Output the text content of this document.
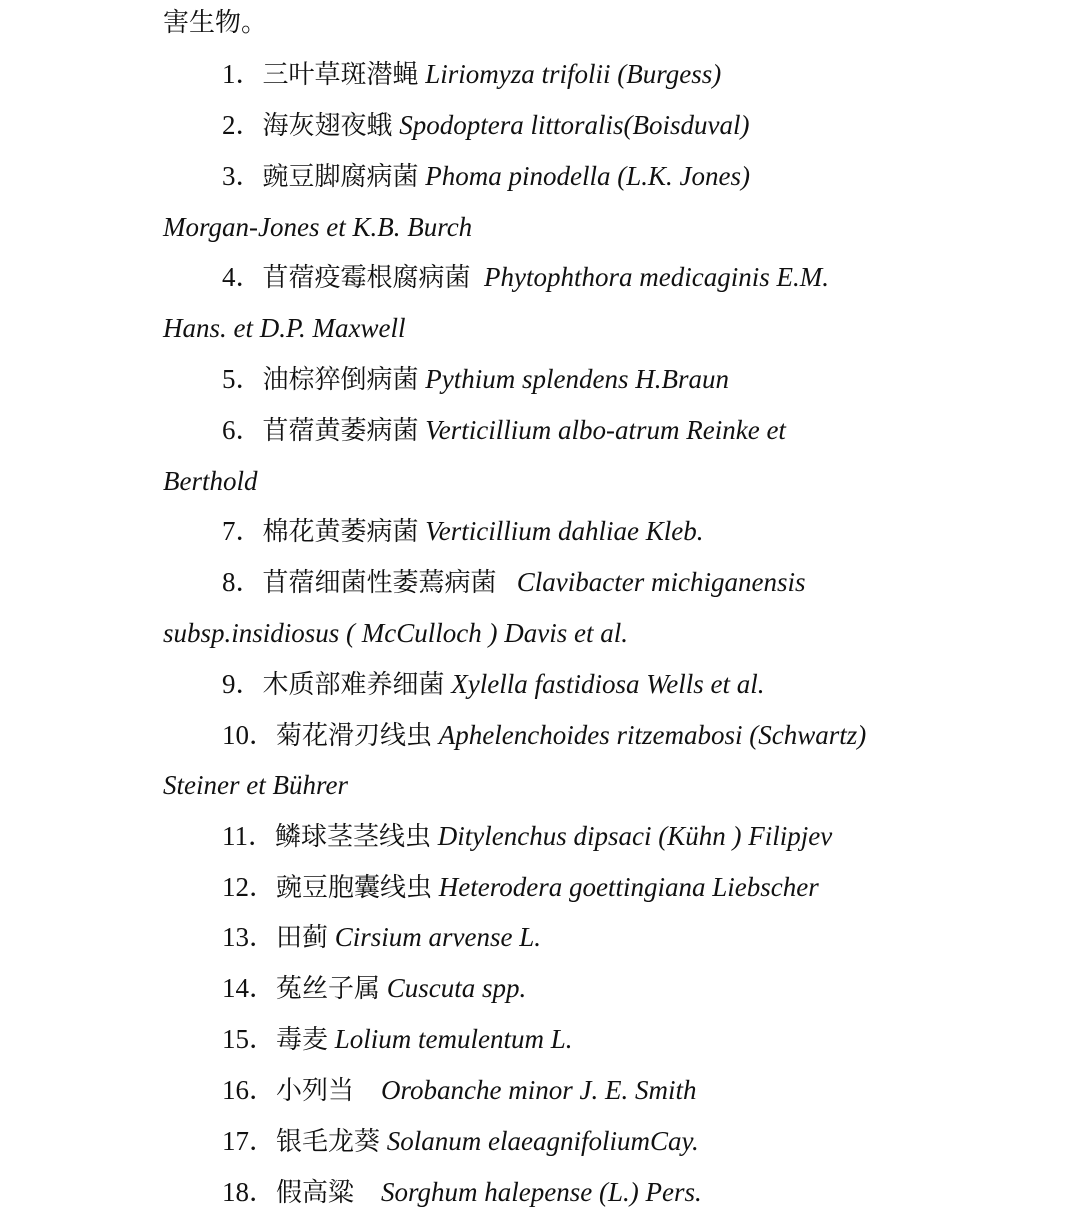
害生物。
1．三叶草斑潜蝇 Liriomyza trifolii (Burgess)
2．海灰翅夜蛾 Spodoptera littoralis(Boisduval)
3．豌豆脚腐病菌 Phoma pinodella (L.K. Jones)
Morgan-Jones et K.B. Burch
4．苜蓿疫霉根腐病菌  Phytophthora medicaginis E.M.
Hans. et D.P. Maxwell
5．油棕猝倒病菌 Pythium splendens H.Braun
6．苜蓿黄萎病菌 Verticillium albo-atrum Reinke et
Berthold
7．棉花黄萎病菌 Verticillium dahliae Kleb.
8．苜蓿细菌性萎蔫病菌   Clavibacter michiganensis
subsp.insidiosus ( McCulloch ) Davis et al.
9．木质部难养细菌 Xylella fastidiosa Wells et al.
10．菊花滑刃线虫 Aphelenchoides ritzemabosi (Schwartz)
Steiner et Bührer
11．鳞球茎茎线虫 Ditylenchus dipsaci (Kühn ) Filipjev
12．豌豆胞囊线虫 Heterodera goettingiana Liebscher
13．田蓟 Cirsium arvense L.
14．菟丝子属 Cuscuta spp.
15．毒麦 Lolium temulentum L.
16．小列当    Orobanche minor J. E. Smith
17．银毛龙葵 Solanum elaeagnifoliumCay.
18．假高粱    Sorghum halepense (L.) Pers.
